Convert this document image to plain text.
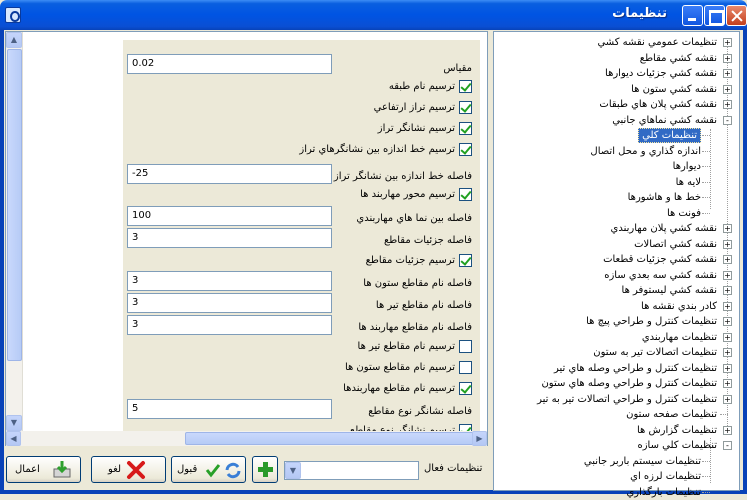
تنظيمات
▲
▼
مقياس
0.02
ترسيم نام طبقه
ترسيم تراز ارتفاعي
ترسيم نشانگر تراز
ترسيم خط اندازه بين نشانگرهاي تراز
فاصله خط اندازه بين نشانگر تراز
-25
ترسيم محور مهاربند ها
فاصله بين نما هاي مهاربندي
100
فاصله جزئيات مقاطع
3
ترسيم جزئيات مقاطع
فاصله نام مقاطع ستون ها
3
فاصله نام مقاطع تير ها
3
فاصله نام مقاطع مهاربند ها
3
ترسيم نام مقاطع تير ها
ترسيم نام مقاطع ستون ها
ترسيم نام مقاطع مهاربندها
فاصله نشانگر نوع مقاطع
5
◀	▶
+
تنظيمات عمومي نقشه کشي
+
نقشه کشي مقاطع
+
نقشه کشي جزئيات ديوارها
+
نقشه کشي ستون ها
+
نقشه کشي پلان هاي طبقات
-
نقشه کشي نماهاي جانبي
تنظيمات کلي
اندازه گذاري و محل اتصال
ديوارها
لايه ها
خط ها و هاشورها
فونت ها
+
نقشه کشي پلان مهاربندي
+
نقشه کشي اتصالات
+
نقشه کشي جزئيات قطعات
+
نقشه کشي سه بعدي سازه
+
نقشه کشي ليستوفر ها
+
کادر بندي نقشه ها
+
تنظيمات کنترل و طراحي پيچ ها
+
تنظيمات مهاربندي
+
تنظيمات اتصالات تير به ستون
+
تنظيمات کنترل و طراحي وصله هاي تير
+
تنظيمات کنترل و طراحي وصله هاي ستون
+
تنظيمات کنترل و طراحي اتصالات تير به تير
تنظيمات صفحه ستون
+
تنظيمات گزارش ها
-
تنظيمات کلي سازه
تنظيمات سيستم باربر جانبي
تنظيمات لرزه اي
تنظيمات بارگذاري
اعمال	لغو	قبول	▼	تنظيمات فعال
